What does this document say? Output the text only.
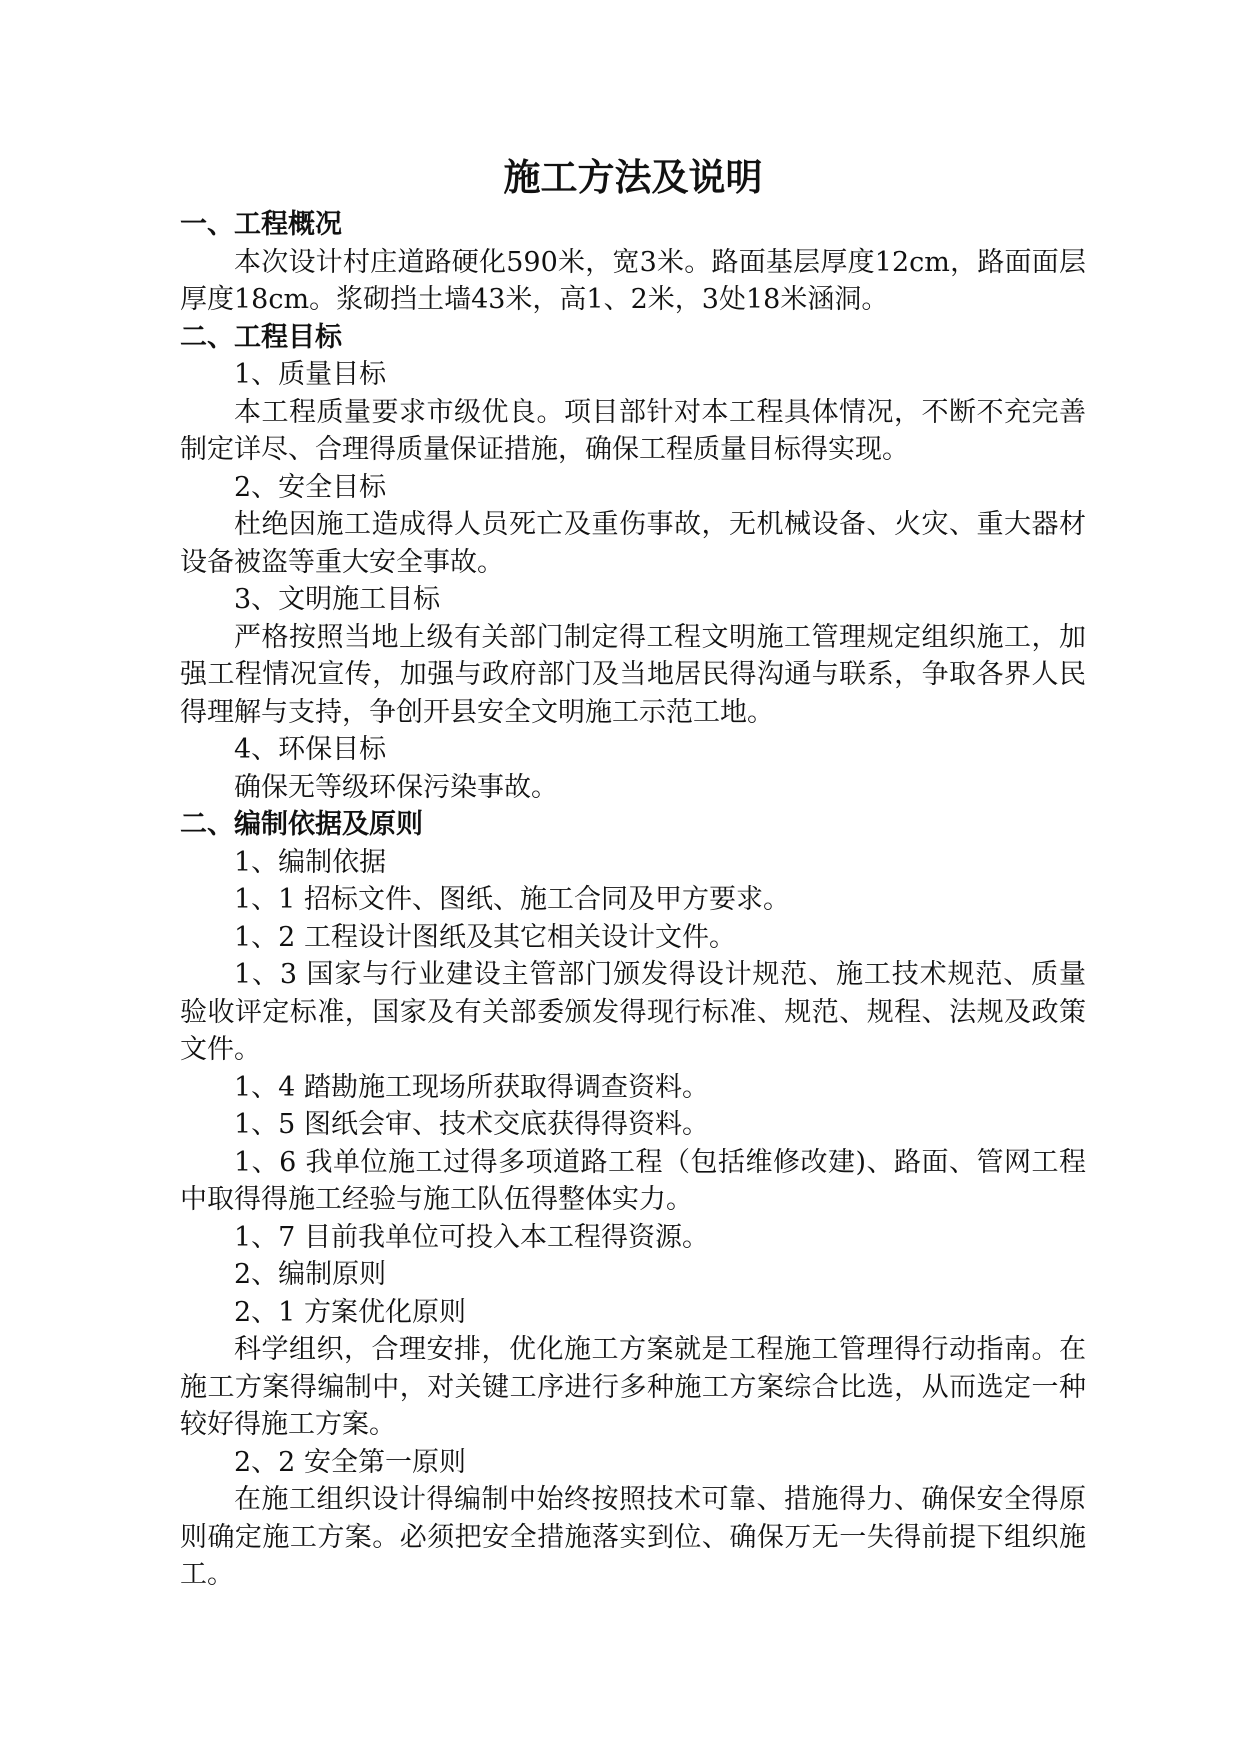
施工方法及说明

一、工程概况

本次设计村庄道路硬化590米，宽3米。路面基层厚度12cm，路面面层厚度18cm。浆砌挡土墙43米，高1、2米，3处18米涵洞。

二、工程目标

1、质量目标

本工程质量要求市级优良。项目部针对本工程具体情况，不断不充完善制定详尽、合理得质量保证措施，确保工程质量目标得实现。

2、安全目标

杜绝因施工造成得人员死亡及重伤事故，无机械设备、火灾、重大器材设备被盗等重大安全事故。

3、文明施工目标

严格按照当地上级有关部门制定得工程文明施工管理规定组织施工，加强工程情况宣传，加强与政府部门及当地居民得沟通与联系，争取各界人民得理解与支持，争创开县安全文明施工示范工地。

4、环保目标

确保无等级环保污染事故。

二、编制依据及原则

1、编制依据

1、1 招标文件、图纸、施工合同及甲方要求。

1、2 工程设计图纸及其它相关设计文件。

1、3 国家与行业建设主管部门颁发得设计规范、施工技术规范、质量验收评定标准，国家及有关部委颁发得现行标准、规范、规程、法规及政策文件。

1、4 踏勘施工现场所获取得调查资料。

1、5 图纸会审、技术交底获得得资料。

1、6 我单位施工过得多项道路工程（包括维修改建)、路面、管网工程中取得得施工经验与施工队伍得整体实力。

1、7 目前我单位可投入本工程得资源。

2、编制原则

2、1 方案优化原则

科学组织，合理安排，优化施工方案就是工程施工管理得行动指南。在施工方案得编制中，对关键工序进行多种施工方案综合比选，从而选定一种较好得施工方案。

2、2 安全第一原则

在施工组织设计得编制中始终按照技术可靠、措施得力、确保安全得原则确定施工方案。必须把安全措施落实到位、确保万无一失得前提下组织施工。
